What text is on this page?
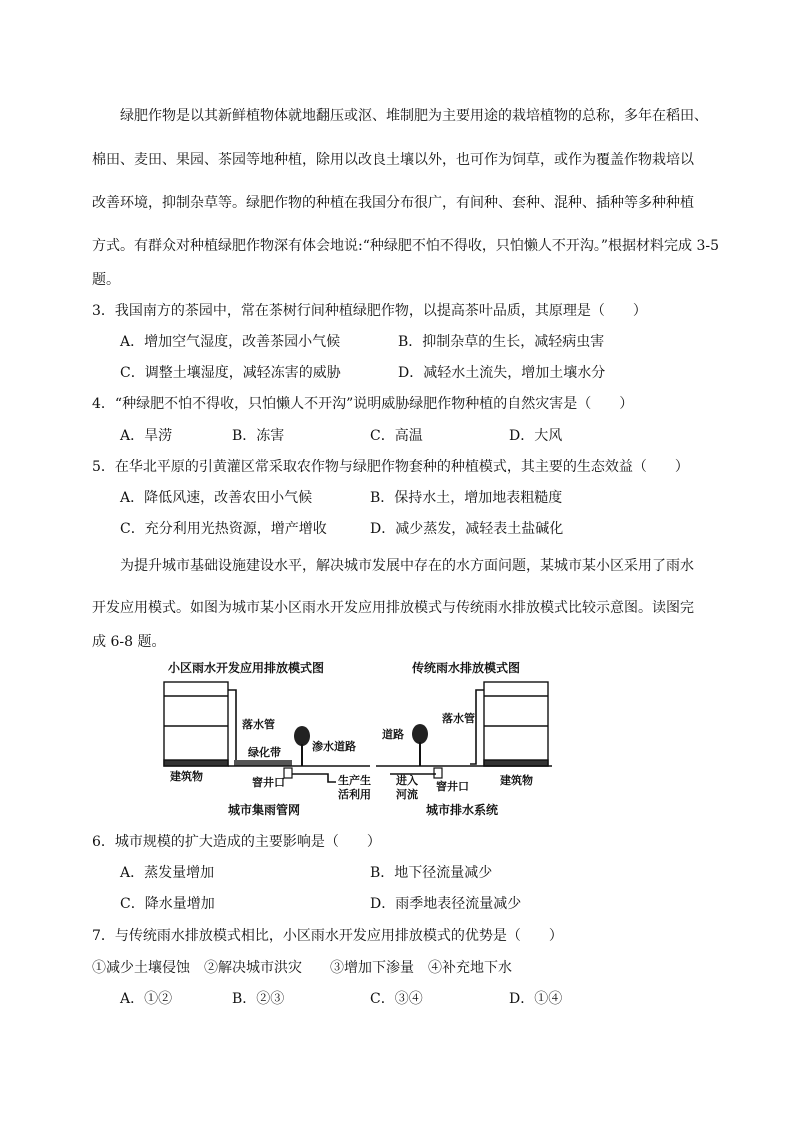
绿肥作物是以其新鲜植物体就地翻压或沤、堆制肥为主要用途的栽培植物的总称，多年在稻田、
棉田、麦田、果园、茶园等地种植，除用以改良土壤以外，也可作为饲草，或作为覆盖作物栽培以
改善环境，抑制杂草等。绿肥作物的种植在我国分布很广，有间种、套种、混种、插种等多种种植
方式。有群众对种植绿肥作物深有体会地说:“种绿肥不怕不得收，只怕懒人不开沟。”根据材料完成 3-5
题。
3．我国南方的茶园中，常在茶树行间种植绿肥作物，以提高茶叶品质，其原理是（　　）
A．增加空气湿度，改善茶园小气候	B．抑制杂草的生长，减轻病虫害
C．调整土壤湿度，减轻冻害的威胁	D．减轻水土流失，增加土壤水分
4．“种绿肥不怕不得收，只怕懒人不开沟”说明威胁绿肥作物种植的自然灾害是（　　）
A．旱涝	B．冻害	C．高温	D．大风
5．在华北平原的引黄灌区常采取农作物与绿肥作物套种的种植模式，其主要的生态效益（　　）
A．降低风速，改善农田小气候	B．保持水土，增加地表粗糙度
C．充分利用光热资源，增产增收	D．减少蒸发，减轻表土盐碱化
为提升城市基础设施建设水平，解决城市发展中存在的水方面问题，某城市某小区采用了雨水
开发应用模式。如图为城市某小区雨水开发应用排放模式与传统雨水排放模式比较示意图。读图完
成 6-8 题。
小区雨水开发应用排放模式图	传统雨水排放模式图
落水管
绿化带
建筑物
渗水道路
窨井口	生产生
活利用
城市集雨管网
道路
进入
河流
窨井口
落水管
建筑物
城市排水系统
6．城市规模的扩大造成的主要影响是（　　）
A．蒸发量增加	B．地下径流量减少
C．降水量增加	D．雨季地表径流量减少
7．与传统雨水排放模式相比，小区雨水开发应用排放模式的优势是（　　）
①减少土壤侵蚀　②解决城市洪灾　　③增加下渗量　④补充地下水
A．①②	B．②③	C．③④	D．①④
